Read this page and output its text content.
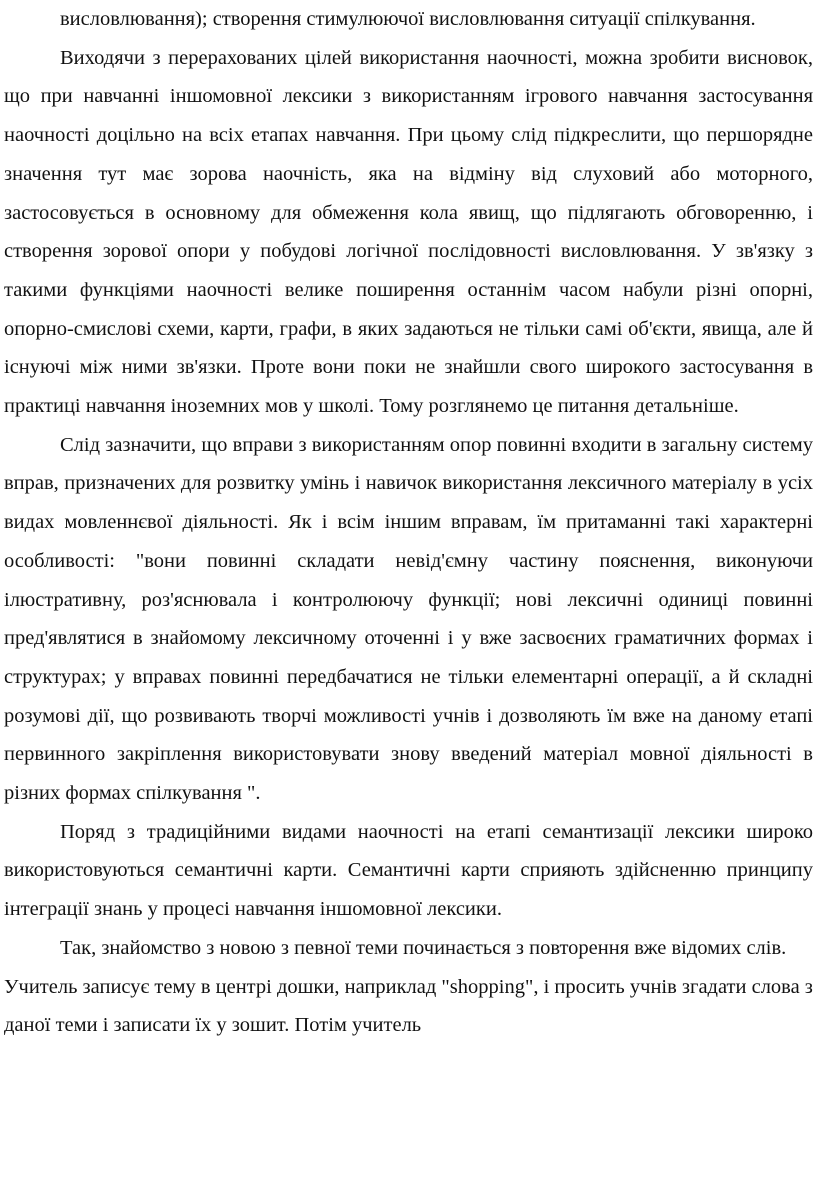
висловлювання); створення стимулюючої висловлювання ситуації спілкування.

Виходячи з перерахованих цілей використання наочності, можна зробити висновок, що при навчанні іншомовної лексики з використанням ігрового навчання застосування наочності доцільно на всіх етапах навчання. При цьому слід підкреслити, що першорядне значення тут має зорова наочність, яка на відміну від слуховий або моторного, застосовується в основному для обмеження кола явищ, що підлягають обговоренню, і створення зорової опори у побудові логічної послідовності висловлювання. У зв'язку з такими функціями наочності велике поширення останнім часом набули різні опорні, опорно-смислові схеми, карти, графи, в яких задаються не тільки самі об'єкти, явища, але й існуючі між ними зв'язки. Проте вони поки не знайшли свого широкого застосування в практиці навчання іноземних мов у школі. Тому розглянемо це питання детальніше.

Слід зазначити, що вправи з використанням опор повинні входити в загальну систему вправ, призначених для розвитку умінь і навичок використання лексичного матеріалу в усіх видах мовленнєвої діяльності. Як і всім іншим вправам, їм притаманні такі характерні особливості: "вони повинні складати невід'ємну частину пояснення, виконуючи ілюстративну, роз'яснювала і контролюючу функції; нові лексичні одиниці повинні пред'являтися в знайомому лексичному оточенні і у вже засвоєних граматичних формах і структурах; у вправах повинні передбачатися не тільки елементарні операції, а й складні розумові дії, що розвивають творчі можливості учнів і дозволяють їм вже на даному етапі первинного закріплення використовувати знову введений матеріал мовної діяльності в різних формах спілкування ".

Поряд з традиційними видами наочності на етапі семантизації лексики широко використовуються семантичні карти. Семантичні карти сприяють здійсненню принципу інтеграції знань у процесі навчання іншомовної лексики.

Так, знайомство з новою з певної теми починається з повторення вже відомих слів. Учитель записує тему в центрі дошки, наприклад "shopping", і просить учнів згадати слова з даної теми і записати їх у зошит. Потім учитель
